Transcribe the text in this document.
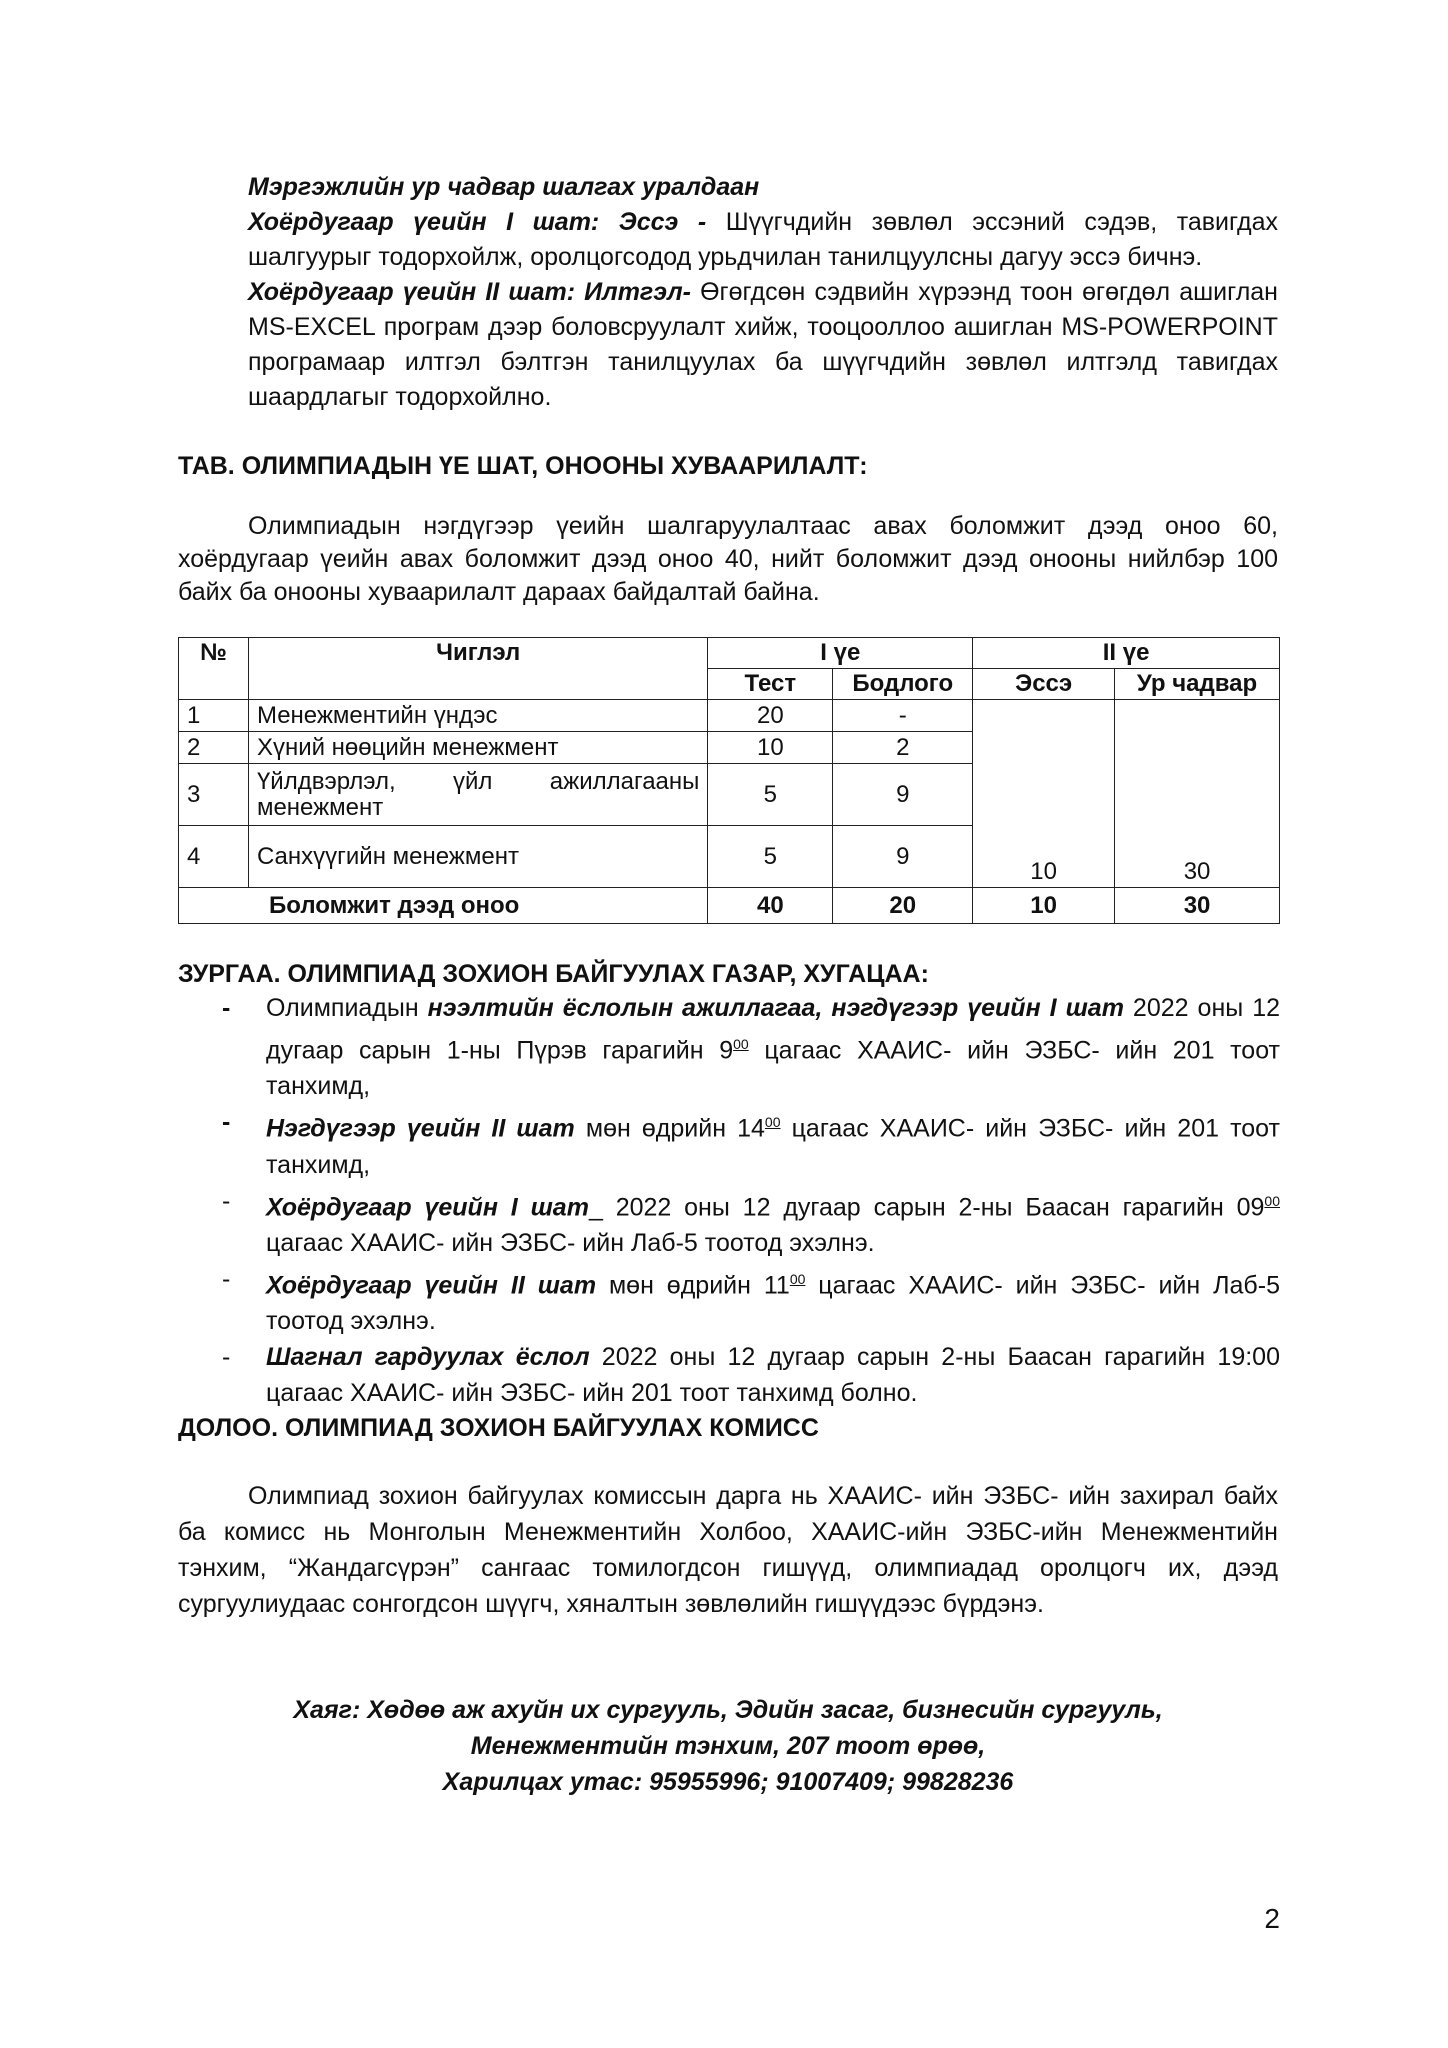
Мэргэжлийн ур чадвар шалгах уралдаан

Хоёрдугаар үеийн I шат: Эссэ - Шүүгчдийн зөвлөл эссэний сэдэв, тавигдах шалгуурыг тодорхойлж, оролцогсодод урьдчилан танилцуулсны дагуу эссэ бичнэ.

Хоёрдугаар үеийн II шат: Илтгэл- Өгөгдсөн сэдвийн хүрээнд тоон өгөгдөл ашиглан MS-EXCEL програм дээр боловсруулалт хийж, тооцооллоо ашиглан MS-POWERPOINT програмаар илтгэл бэлтгэн танилцуулах ба шүүгчдийн зөвлөл илтгэлд тавигдах шаардлагыг тодорхойлно.

ТАВ. ОЛИМПИАДЫН ҮЕ ШАТ, ОНООНЫ ХУВААРИЛАЛТ:

Олимпиадын нэгдүгээр үеийн шалгаруулалтаас авах боломжит дээд оноо 60, хоёрдугаар үеийн авах боломжит дээд оноо 40, нийт боломжит дээд онооны нийлбэр 100 байх ба онооны хуваарилалт дараах байдалтай байна.

№	Чиглэл	I үе		II үе	
		Тест	Бодлого	Эссэ	Ур чадвар
1	Менежментийн үндэс	20	-	10	30
2	Хүний нөөцийн менежмент	10	2		
3	Үйлдвэрлэл, үйл ажиллагааны менежмент	5	9		
4	Санхүүгийн менежмент	5	9		
Боломжит дээд оноо		40	20	10	30
ЗУРГАА. ОЛИМПИАД ЗОХИОН БАЙГУУЛАХ ГАЗАР, ХУГАЦАА:
- Олимпиадын нээлтийн ёслолын ажиллагаа, нэгдүгээр үеийн I шат 2022 оны 12 дугаар сарын 1-ны Пүрэв гарагийн $9^{00}$ цагаас ХААИС- ийн ЭЗБС- ийн 201 тоот танхимд,
- Нэгдүгээр үеийн II шат мөн өдрийн $14^{00}$ цагаас ХААИС- ийн ЭЗБС- ийн 201 тоот танхимд,
- Хоёрдугаар үеийн I шат_ 2022 оны 12 дугаар сарын 2-ны Баасан гарагийн $09^{00}$ цагаас ХААИС- ийн ЭЗБС- ийн Лаб-5 тоотод эхэлнэ.
- Хоёрдугаар үеийн II шат мөн өдрийн $11^{00}$ цагаас ХААИС- ийн ЭЗБС- ийн Лаб-5 тоотод эхэлнэ.
- Шагнал гардуулах ёслол 2022 оны 12 дугаар сарын 2-ны Баасан гарагийн 19:00 цагаас ХААИС- ийн ЭЗБС- ийн 201 тоот танхимд болно.
ДОЛОО. ОЛИМПИАД ЗОХИОН БАЙГУУЛАХ КОМИСС

Олимпиад зохион байгуулах комиссын дарга нь ХААИС- ийн ЭЗБС- ийн захирал байх ба комисс нь Монголын Менежментийн Холбоо, ХААИС-ийн ЭЗБС-ийн Менежментийн тэнхим, “Жандагсүрэн” сангаас томилогдсон гишүүд, олимпиадад оролцогч их, дээд сургуулиудаас сонгогдсон шүүгч, хяналтын зөвлөлийн гишүүдээс бүрдэнэ.

Хаяг: Хөдөө аж ахуйн их сургууль, Эдийн засаг, бизнесийн сургууль,
Менежментийн тэнхим, 207 тоот өрөө,
Харилцах утас: 95955996; 91007409; 99828236
2
